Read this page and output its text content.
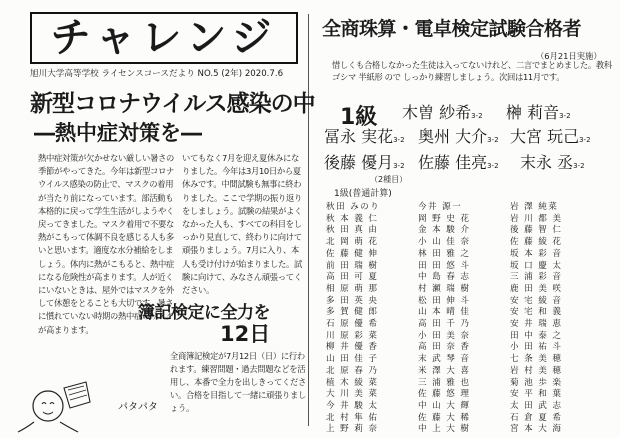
チャレンジ
旭川大学高等学校 ライセンスコースだより NO.5 (2年) 2020.7.6
新型コロナウイルス感染の中
―熱中症対策を―
熱中症対策が欠かせない厳しい暑さの季節がやってきた。今年は新型コロナウイルス感染の防止で、マスクの着用が当たり前になっています。部活動も本格的に戻って学生生活がしようやく戻ってきました。マスク着用で不要な熱がこもって体調不良を感じる人も多いと思います。適度な水分補給をしましょう。体内に熱がこもると、熱中症になる危険性が高まります。人が近くにいないときは、屋外ではマスクを外して休憩をとることも大切です。暑さに慣れていない時期の熱中症のリスクが高まります。
いてもなく7月を迎え夏休みになりました。今年は3月10日から夏休みです。中間試験も無事に終わりました。ここで学期の振り返りをしましょう。試験の結果がよくなかった人も、すべての科目をしっかり見直して、終わりに向けて頑張りましょう。7月に入り、本人も受け付けが始まりました。試験に向けて、みなさん頑張ってください。
簿記検定に全力を
12日
全商簿記検定が7月12日（日）に行われます。練習問題・過去問題などを活用し、本番で全力を出しきってください。合格を目指して一緒に頑張りましょう。
パタパタ
全商珠算・電卓検定試験合格者
（6月21日実施）
惜しくも合格しなかった生徒は入ってないけれど、二言でまとめました。教科 ゴシマ 半紙形 ので しっかり練習しましょう。次回は11月です。
1級 木曽 紗希3-2 榊 莉音3-2
冨永 実花3-2 奥州 大介3-2 大宮 玩己3-2
後藤 優月3-2 佐藤 佳亮3-2 末永 丞3-2
（2種目）
1級(普通計算)
秋田 みのり	今井 源一	岩 澤 純菜
秋 本 義 仁	岡 野 史 花	岩 川 都 美
秋 田 真 由	金 本 駿 介	後 藤 智 仁
北 岡 萌 花	小 山 佳 奈	佐 藤 綾 花
佐 藤 健 伸	林 田 雅 之	坂 本 彩 音
前 田 瑞 樹	田 田 悠 斗	坂 口 慶 太
高 田 可 夏	中 島 春 志	三 浦 彩 音
相 原 萌 那	村 瀬 瑞 樹	鹿 田 美 咲
多 田 英 央	松 田 伸 斗	安 宅 綾 音
多 賀 健 郎	山 本 晴 佳	安 宅 和 義
石 原 優 希	高 田 千 乃	安 井 瑞 恵
川 原 彩 菜	小 田 美 奈	田 中 泰 之
柳 井 優 香	高 田 奈 香	小 田 祐 斗
山 田 佳 子	末 武 琴 音	七 条 美 穂
北 原 春 乃	米 澤 大 喜	岩 村 美 穂
植 木 綾 菜	三 浦 雅 也	菊 池 歩 楽
大 川 美 菜	佐 藤 悠 理	安 平 和 葉
今 井 駿 太	中 山 大 輝	太 田 武 志
北 村 隼 佑	佐 藤 大 稀	石 倉 夏 希
上 野 莉 奈	中 上 大 樹	宮 本 大 海
